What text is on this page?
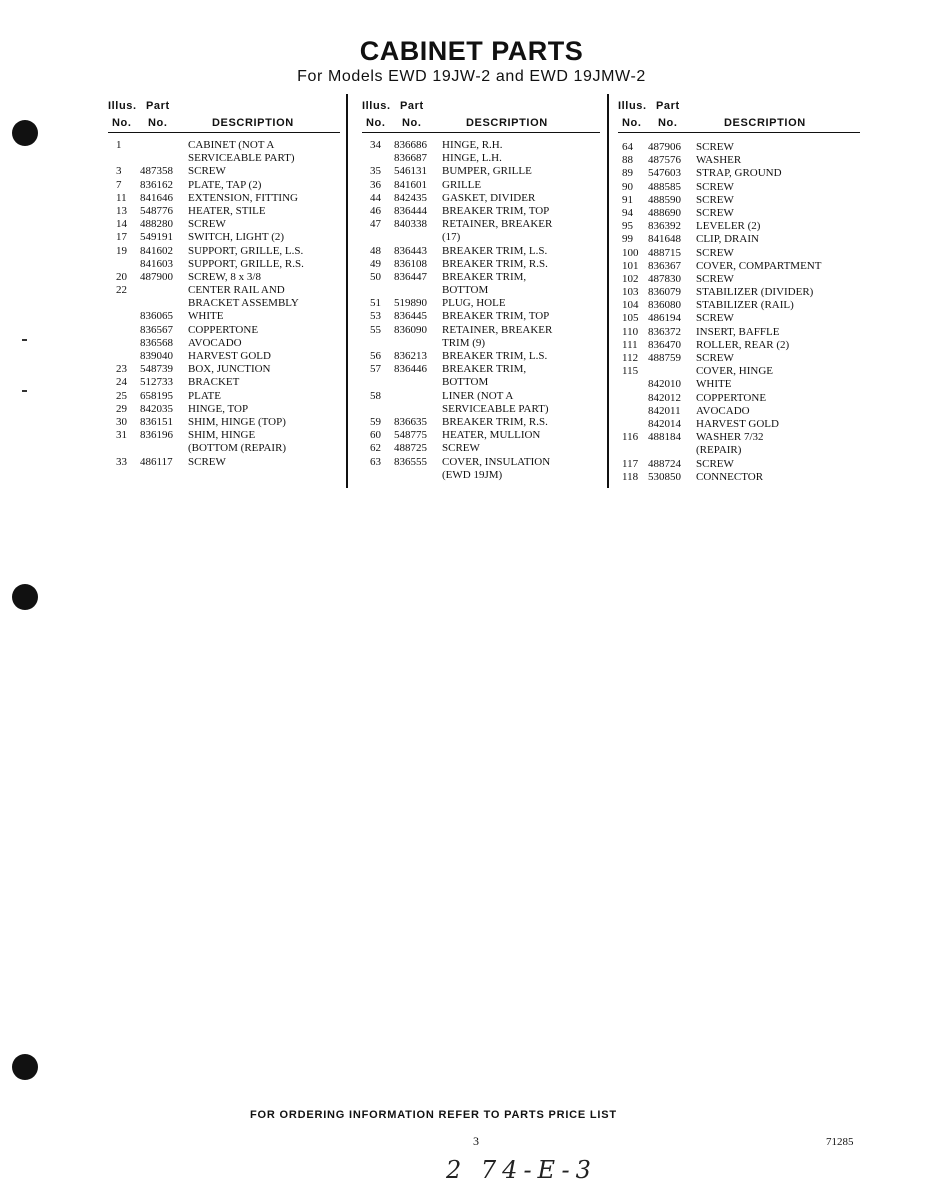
CABINET PARTS
For Models EWD 19JW-2 and EWD 19JMW-2
Illus. Part
No. No.	DESCRIPTION
1	CABINET (NOT A
SERVICEABLE PART)
3 487358 SCREW
7 836162 PLATE, TAP (2)
11 841646 EXTENSION, FITTING
13 548776 HEATER, STILE
14 488280 SCREW
17 549191 SWITCH, LIGHT (2)
19 841602 SUPPORT, GRILLE, L.S.
841603 SUPPORT, GRILLE, R.S.
20 487900 SCREW, 8 x 3/8
22	CENTER RAIL AND
BRACKET ASSEMBLY
836065 WHITE
836567 COPPERTONE
836568 AVOCADO
839040 HARVEST GOLD
23 548739 BOX, JUNCTION
24 512733 BRACKET
25 658195 PLATE
29 842035 HINGE, TOP
30 836151 SHIM, HINGE (TOP)
31 836196 SHIM, HINGE
(BOTTOM (REPAIR)
33 486117 SCREW
Illus. Part
No. No.	DESCRIPTION
34 836686 HINGE, R.H.
836687 HINGE, L.H.
35 546131 BUMPER, GRILLE
36 841601 GRILLE
44 842435 GASKET, DIVIDER
46 836444 BREAKER TRIM, TOP
47 840338 RETAINER, BREAKER
(17)
48 836443 BREAKER TRIM, L.S.
49 836108 BREAKER TRIM, R.S.
50 836447 BREAKER TRIM,
BOTTOM
51 519890 PLUG, HOLE
53 836445 BREAKER TRIM, TOP
55 836090 RETAINER, BREAKER
TRIM (9)
56 836213 BREAKER TRIM, L.S.
57 836446 BREAKER TRIM,
BOTTOM
58	LINER (NOT A
SERVICEABLE PART)
59 836635 BREAKER TRIM, R.S.
60 548775 HEATER, MULLION
62 488725 SCREW
63 836555 COVER, INSULATION
(EWD 19JM)
Illus. Part
No. No.	DESCRIPTION
64 487906 SCREW
88 487576 WASHER
89 547603 STRAP, GROUND
90 488585 SCREW
91 488590 SCREW
94 488690 SCREW
95 836392 LEVELER (2)
99 841648 CLIP, DRAIN
100 488715 SCREW
101 836367 COVER, COMPARTMENT
102 487830 SCREW
103 836079 STABILIZER (DIVIDER)
104 836080 STABILIZER (RAIL)
105 486194 SCREW
110 836372 INSERT, BAFFLE
111 836470 ROLLER, REAR (2)
112 488759 SCREW
115	COVER, HINGE
842010 WHITE
842012 COPPERTONE
842011 AVOCADO
842014 HARVEST GOLD
116 488184 WASHER 7/32
(REPAIR)
117 488724 SCREW
118 530850 CONNECTOR
FOR ORDERING INFORMATION REFER TO PARTS PRICE LIST
3	71285
2 74-E-3
